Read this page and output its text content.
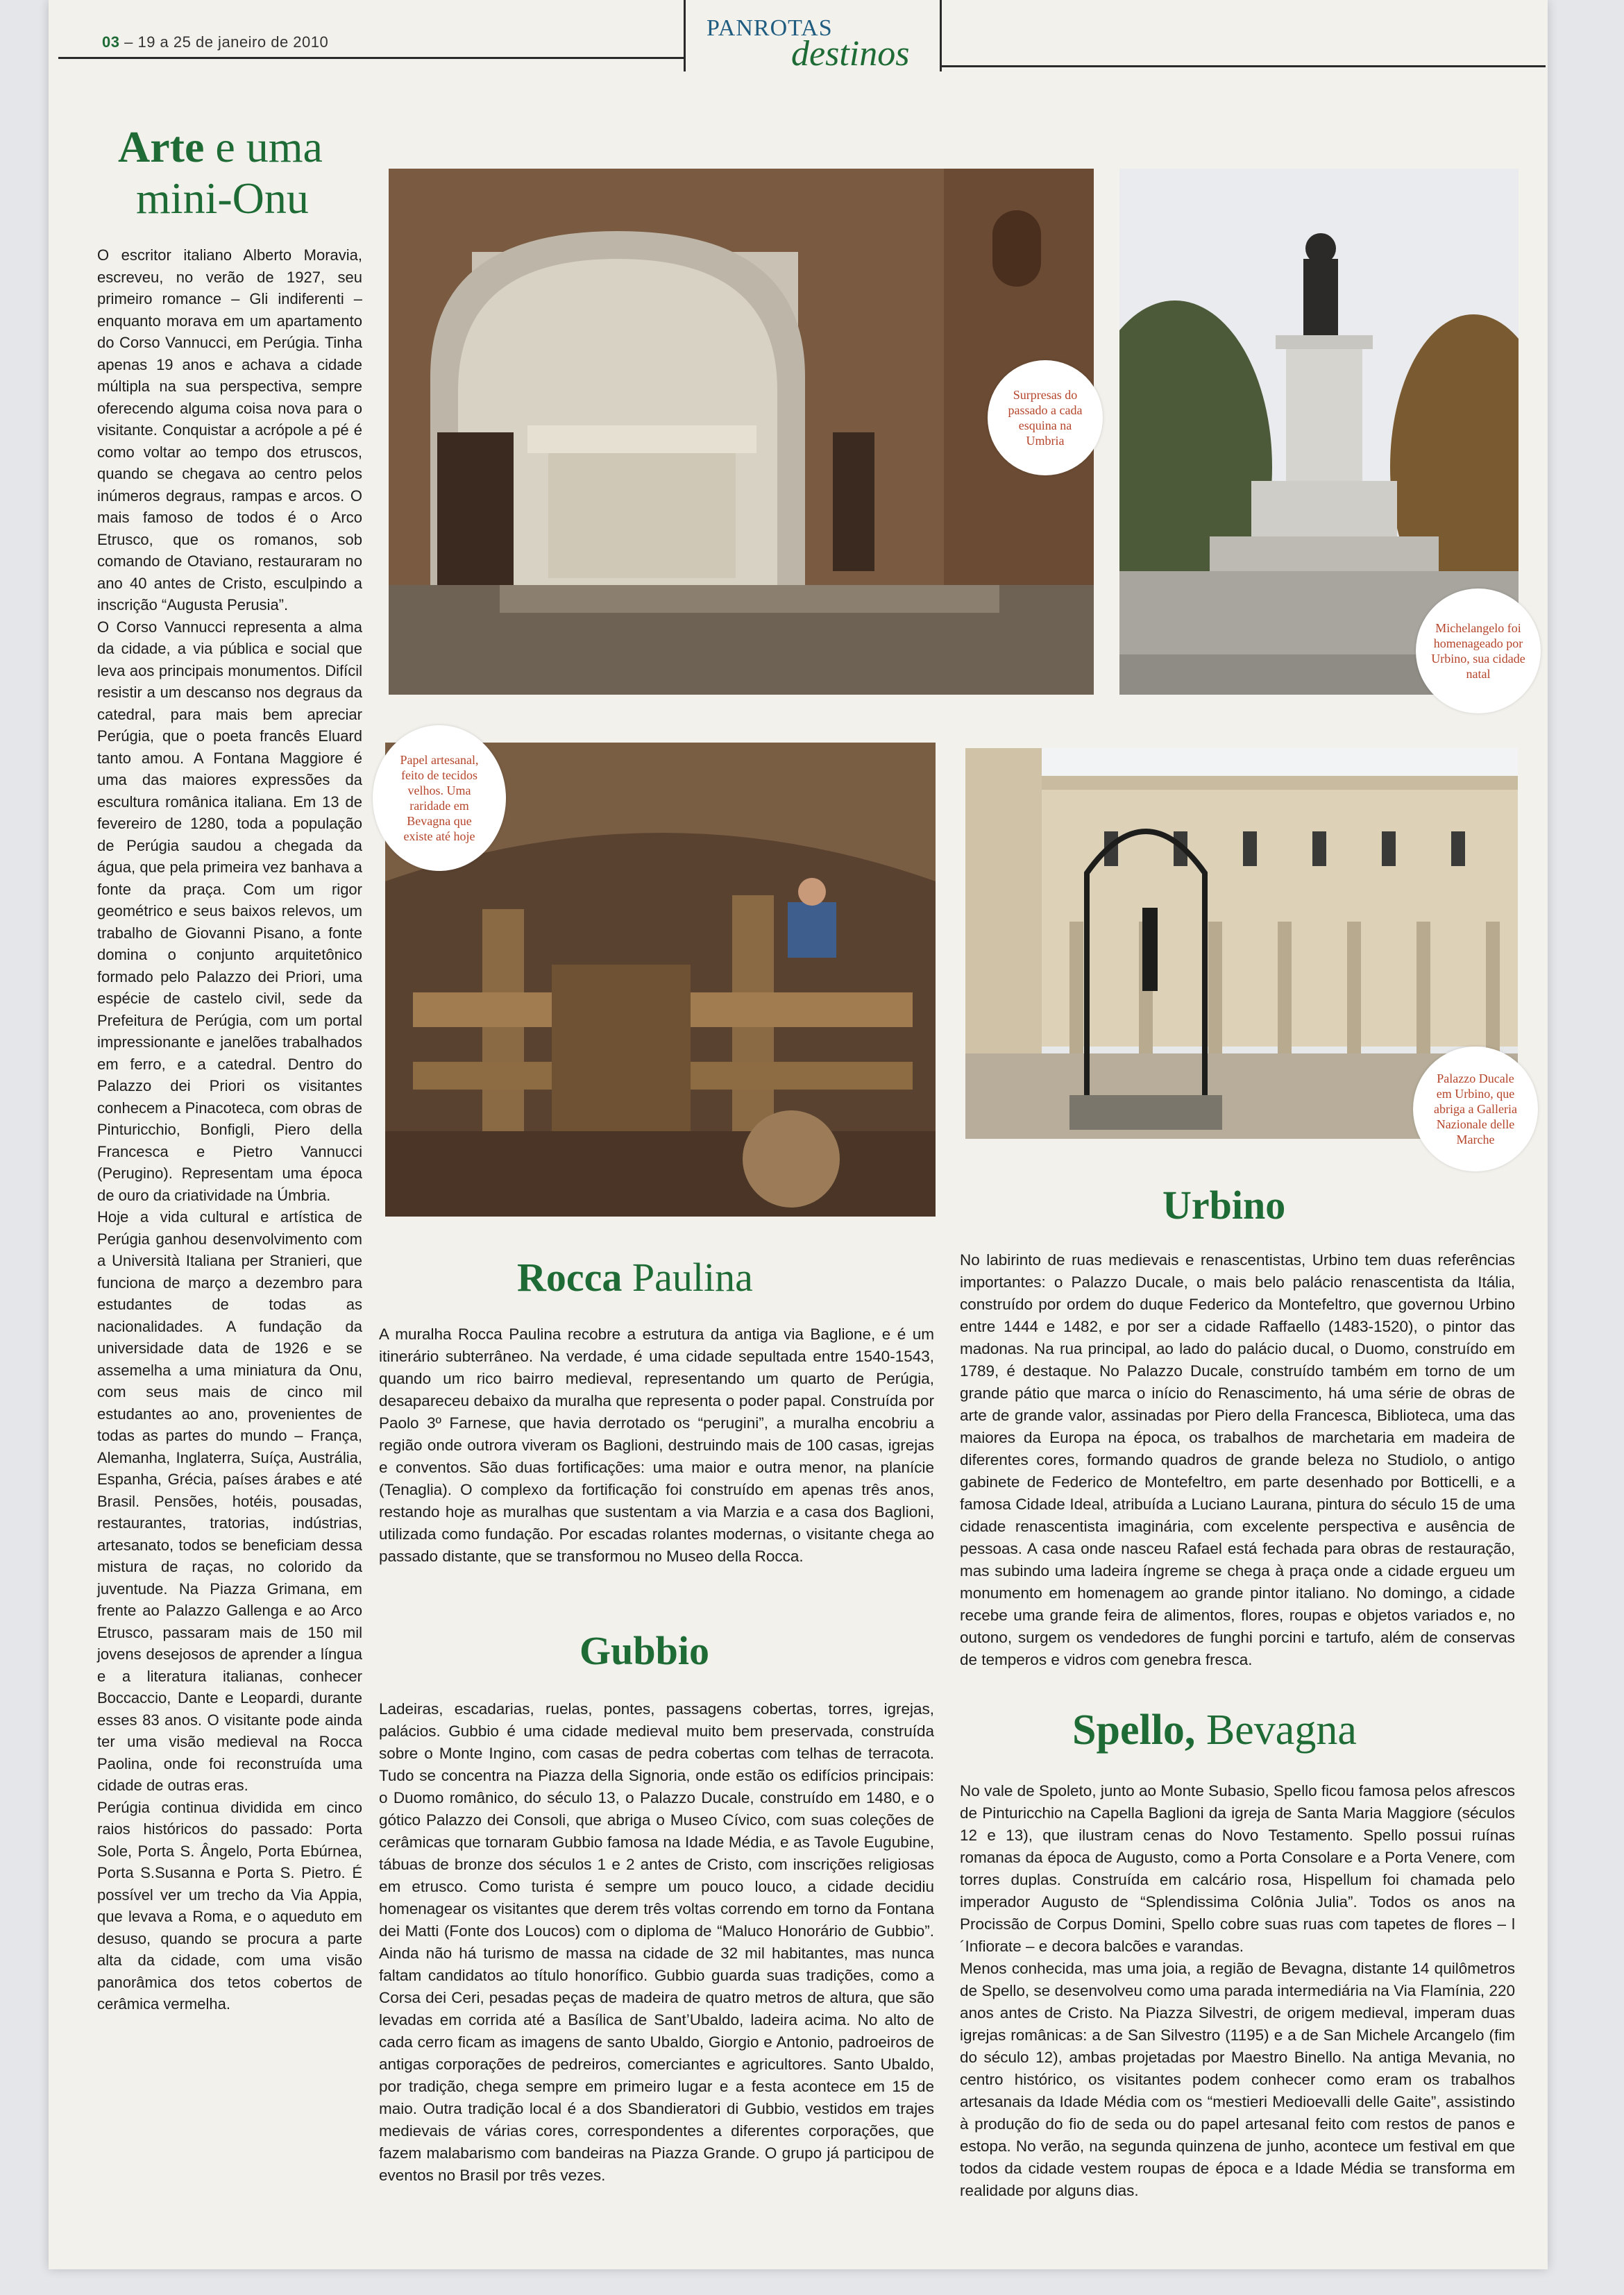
03 – 19 a 25 de janeiro de 2010
PANROTAS
destinos
Arte e uma
mini-Onu

O escritor italiano Alberto Moravia, escreveu, no verão de 1927, seu primeiro romance – Gli indiferenti – enquanto morava em um apartamento do Corso Vannucci, em Perúgia. Tinha apenas 19 anos e achava a cidade múltipla na sua perspectiva, sempre oferecendo alguma coisa nova para o visitante. Conquistar a acrópole a pé é como voltar ao tempo dos etruscos, quando se chegava ao centro pelos inúmeros degraus, rampas e arcos. O mais famoso de todos é o Arco Etrusco, que os romanos, sob comando de Otaviano, restauraram no ano 40 antes de Cristo, esculpindo a inscrição “Augusta Perusia”.

O Corso Vannucci representa a alma da cidade, a via pública e social que leva aos principais monumentos. Difícil resistir a um descanso nos degraus da catedral, para mais bem apreciar Perúgia, que o poeta francês Eluard tanto amou. A Fontana Maggiore é uma das maiores expressões da escultura românica italiana. Em 13 de fevereiro de 1280, toda a população de Perúgia saudou a chegada da água, que pela primeira vez banhava a fonte da praça. Com um rigor geométrico e seus baixos relevos, um trabalho de Giovanni Pisano, a fonte domina o conjunto arquitetônico formado pelo Palazzo dei Priori, uma espécie de castelo civil, sede da Prefeitura de Perúgia, com um portal impressionante e janelões trabalhados em ferro, e a catedral. Dentro do Palazzo dei Priori os visitantes conhecem a Pinacoteca, com obras de Pinturicchio, Bonfigli, Piero della Francesca e Pietro Vannucci (Perugino). Representam uma época de ouro da criatividade na Úmbria.

Hoje a vida cultural e artística de Perúgia ganhou desenvolvimento com a Università Italiana per Stranieri, que funciona de março a dezembro para estudantes de todas as nacionalidades. A fundação da universidade data de 1926 e se assemelha a uma miniatura da Onu, com seus mais de cinco mil estudantes ao ano, provenientes de todas as partes do mundo – França, Alemanha, Inglaterra, Suíça, Austrália, Espanha, Grécia, países árabes e até Brasil. Pensões, hotéis, pousadas, restaurantes, tratorias, indústrias, artesanato, todos se beneficiam dessa mistura de raças, no colorido da juventude. Na Piazza Grimana, em frente ao Palazzo Gallenga e ao Arco Etrusco, passaram mais de 150 mil jovens desejosos de aprender a língua e a literatura italianas, conhecer Boccaccio, Dante e Leopardi, durante esses 83 anos. O visitante pode ainda ter uma visão medieval na Rocca Paolina, onde foi reconstruída uma cidade de outras eras.

Perúgia continua dividida em cinco raios históricos do passado: Porta Sole, Porta S. Ângelo, Porta Ebúrnea, Porta S.Susanna e Porta S. Pietro. É possível ver um trecho da Via Appia, que levava a Roma, e o aqueduto em desuso, quando se procura a parte alta da cidade, com uma visão panorâmica dos tetos cobertos de cerâmica vermelha.

Surpresas do passado a cada esquina na Umbria
Michelangelo foi homenageado por Urbino, sua cidade natal
Papel artesanal, feito de tecidos velhos. Uma raridade em Bevagna que existe até hoje
Palazzo Ducale em Urbino, que abriga a Galleria Nazionale delle Marche
Rocca Paulina
A muralha Rocca Paulina recobre a estrutura da antiga via Baglione, e é um itinerário subterrâneo. Na verdade, é uma cidade sepultada entre 1540-1543, quando um rico bairro medieval, representando um quarto de Perúgia, desapareceu debaixo da muralha que representa o poder papal. Construída por Paolo 3º Farnese, que havia derrotado os “perugini”, a muralha encobriu a região onde outrora viveram os Baglioni, destruindo mais de 100 casas, igrejas e conventos. São duas fortificações: uma maior e outra menor, na planície (Tenaglia). O complexo da fortificação foi construído em apenas três anos, restando hoje as muralhas que sustentam a via Marzia e a casa dos Baglioni, utilizada como fundação. Por escadas rolantes modernas, o visitante chega ao passado distante, que se transformou no Museo della Rocca.
Gubbio
Ladeiras, escadarias, ruelas, pontes, passagens cobertas, torres, igrejas, palácios. Gubbio é uma cidade medieval muito bem preservada, construída sobre o Monte Ingino, com casas de pedra cobertas com telhas de terracota. Tudo se concentra na Piazza della Signoria, onde estão os edifícios principais: o Duomo românico, do século 13, o Palazzo Ducale, construído em 1480, e o gótico Palazzo dei Consoli, que abriga o Museo Cívico, com suas coleções de cerâmicas que tornaram Gubbio famosa na Idade Média, e as Tavole Eugubine, tábuas de bronze dos séculos 1 e 2 antes de Cristo, com inscrições religiosas em etrusco. Como turista é sempre um pouco louco, a cidade decidiu homenagear os visitantes que derem três voltas correndo em torno da Fontana dei Matti (Fonte dos Loucos) com o diploma de “Maluco Honorário de Gubbio”. Ainda não há turismo de massa na cidade de 32 mil habitantes, mas nunca faltam candidatos ao título honorífico. Gubbio guarda suas tradições, como a Corsa dei Ceri, pesadas peças de madeira de quatro metros de altura, que são levadas em corrida até a Basílica de Sant’Ubaldo, ladeira acima. No alto de cada cerro ficam as imagens de santo Ubaldo, Giorgio e Antonio, padroeiros de antigas corporações de pedreiros, comerciantes e agricultores. Santo Ubaldo, por tradição, chega sempre em primeiro lugar e a festa acontece em 15 de maio. Outra tradição local é a dos Sbandieratori di Gubbio, vestidos em trajes medievais de várias cores, correspondentes a diferentes corporações, que fazem malabarismo com bandeiras na Piazza Grande. O grupo já participou de eventos no Brasil por três vezes.
Urbino
No labirinto de ruas medievais e renascentistas, Urbino tem duas referências importantes: o Palazzo Ducale, o mais belo palácio renascentista da Itália, construído por ordem do duque Federico da Montefeltro, que governou Urbino entre 1444 e 1482, e por ser a cidade Raffaello (1483-1520), o pintor das madonas. Na rua principal, ao lado do palácio ducal, o Duomo, construído em 1789, é destaque. No Palazzo Ducale, construído também em torno de um grande pátio que marca o início do Renascimento, há uma série de obras de arte de grande valor, assinadas por Piero della Francesca, Biblioteca, uma das maiores da Europa na época, os trabalhos de marchetaria em madeira de diferentes cores, formando quadros de grande beleza no Studiolo, o antigo gabinete de Federico de Montefeltro, em parte desenhado por Botticelli, e a famosa Cidade Ideal, atribuída a Luciano Laurana, pintura do século 15 de uma cidade renascentista imaginária, com excelente perspectiva e ausência de pessoas. A casa onde nasceu Rafael está fechada para obras de restauração, mas subindo uma ladeira íngreme se chega à praça onde a cidade ergueu um monumento em homenagem ao grande pintor italiano. No domingo, a cidade recebe uma grande feira de alimentos, flores, roupas e objetos variados e, no outono, surgem os vendedores de funghi porcini e tartufo, além de conservas de temperos e vidros com genebra fresca.
Spello, Bevagna

No vale de Spoleto, junto ao Monte Subasio, Spello ficou famosa pelos afrescos de Pinturicchio na Capella Baglioni da igreja de Santa Maria Maggiore (séculos 12 e 13), que ilustram cenas do Novo Testamento. Spello possui ruínas romanas da época de Augusto, como a Porta Consolare e a Porta Venere, com torres duplas. Construída em calcário rosa, Hispellum foi chamada pelo imperador Augusto de “Splendissima Colônia Julia”. Todos os anos na Procissão de Corpus Domini, Spello cobre suas ruas com tapetes de flores – l´Infiorate – e decora balcões e varandas.

Menos conhecida, mas uma joia, a região de Bevagna, distante 14 quilômetros de Spello, se desenvolveu como uma parada intermediária na Via Flamínia, 220 anos antes de Cristo. Na Piazza Silvestri, de origem medieval, imperam duas igrejas românicas: a de San Silvestro (1195) e a de San Michele Arcangelo (fim do século 12), ambas projetadas por Maestro Binello. Na antiga Mevania, no centro histórico, os visitantes podem conhecer como eram os trabalhos artesanais da Idade Média com os “mestieri Medioevalli delle Gaite”, assistindo à produção do fio de seda ou do papel artesanal feito com restos de panos e estopa. No verão, na segunda quinzena de junho, acontece um festival em que todos da cidade vestem roupas de época e a Idade Média se transforma em realidade por alguns dias.
